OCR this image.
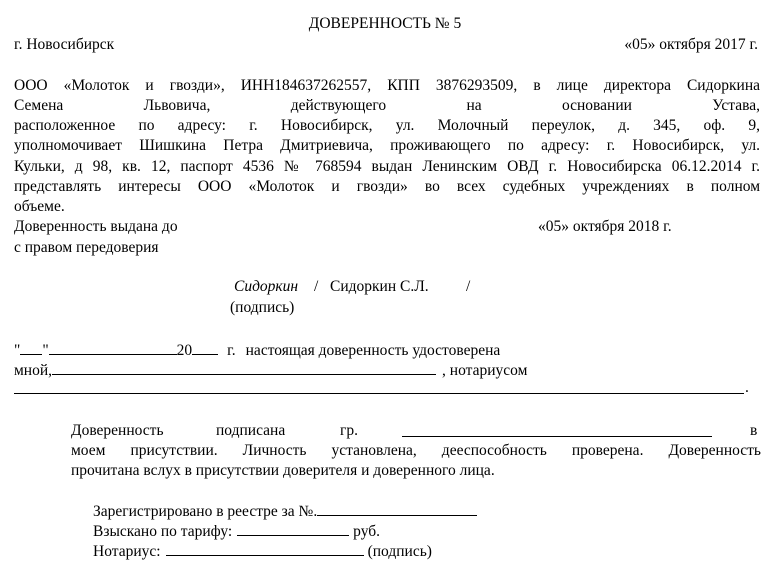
ДОВЕРЕННОСТЬ № 5
г. Новосибирск	«05» октября 2017 г.
ООО «Молоток и гвозди», ИНН184637262557, КПП 3876293509, в лице директора Сидоркина
Семена Львовича, действующего на основании Устава,
расположенное по адресу: г. Новосибирск, ул. Молочный переулок, д. 345, оф. 9,
уполномочивает Шишкина Петра Дмитриевича, проживающего по адресу: г. Новосибирск, ул.
Кульки, д 98, кв. 12, паспорт 4536 № 768594 выдан Ленинским ОВД г. Новосибирска 06.12.2014 г.
представлять интересы ООО «Молоток и гвозди» во всех судебных учреждениях в полном
объеме.
Доверенность выдана до	«05» октября 2018 г.
с правом передоверия
Сидоркин / Сидоркин С.Л. /
(подпись)
" "	20 г. настоящая доверенность удостоверена
мной,	, нотариусом
.
Доверенность	подписана	гр.	в
моем присутствии. Личность установлена, дееспособность проверена. Доверенность
прочитана вслух в присутствии доверителя и доверенного лица.
Зарегистрировано в реестре за №.
Взыскано по тарифу:	руб.
Нотариус:	(подпись)
